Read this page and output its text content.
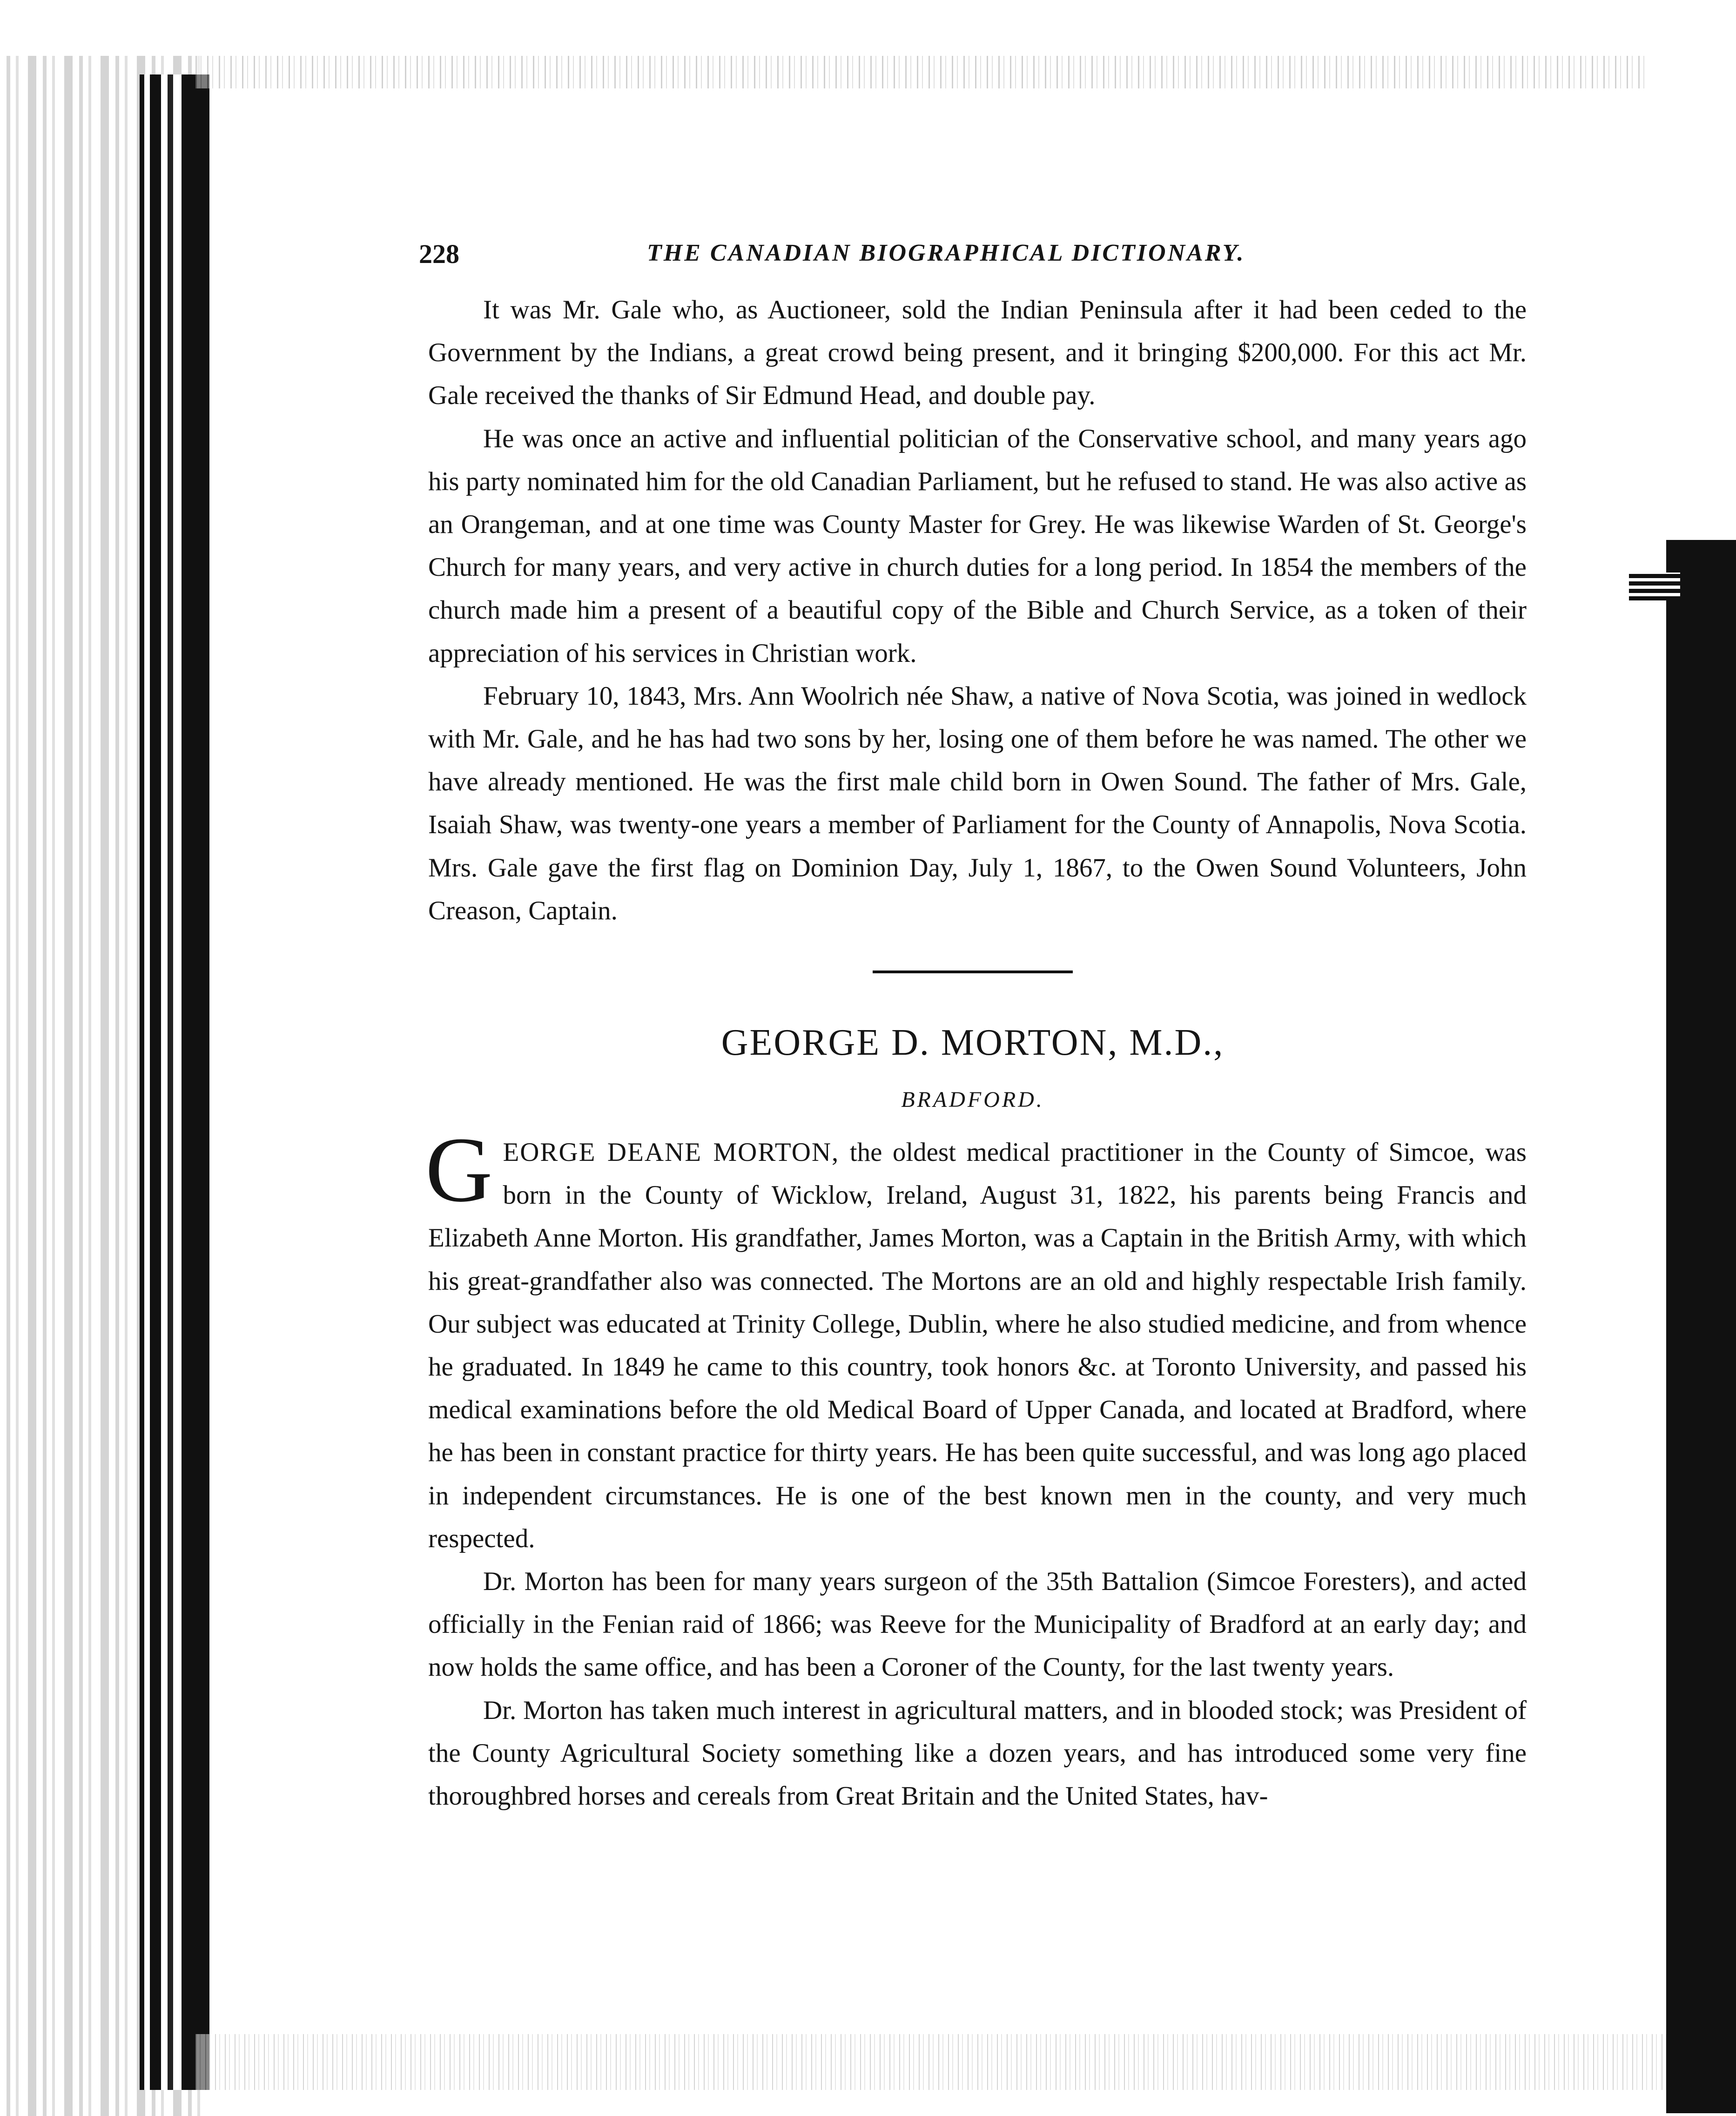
228	THE CANADIAN BIOGRAPHICAL DICTIONARY.

It was Mr. Gale who, as Auctioneer, sold the Indian Peninsula after it had been ceded to the Government by the Indians, a great crowd being present, and it bringing $200,000. For this act Mr. Gale received the thanks of Sir Edmund Head, and double pay.

He was once an active and influential politician of the Conservative school, and many years ago his party nominated him for the old Canadian Parliament, but he refused to stand. He was also active as an Orangeman, and at one time was County Master for Grey. He was likewise Warden of St. George's Church for many years, and very active in church duties for a long period. In 1854 the members of the church made him a present of a beautiful copy of the Bible and Church Service, as a token of their appreciation of his services in Christian work.

February 10, 1843, Mrs. Ann Woolrich née Shaw, a native of Nova Scotia, was joined in wedlock with Mr. Gale, and he has had two sons by her, losing one of them before he was named. The other we have already mentioned. He was the first male child born in Owen Sound. The father of Mrs. Gale, Isaiah Shaw, was twenty-one years a member of Parliament for the County of Annapolis, Nova Scotia. Mrs. Gale gave the first flag on Dominion Day, July 1, 1867, to the Owen Sound Volunteers, John Creason, Captain.

GEORGE D. MORTON, M.D.,
BRADFORD.

GEORGE DEANE MORTON, the oldest medical practitioner in the County of Simcoe, was born in the County of Wicklow, Ireland, August 31, 1822, his parents being Francis and Elizabeth Anne Morton. His grandfather, James Morton, was a Captain in the British Army, with which his great-grandfather also was connected. The Mortons are an old and highly respectable Irish family. Our subject was educated at Trinity College, Dublin, where he also studied medicine, and from whence he graduated. In 1849 he came to this country, took honors &c. at Toronto University, and passed his medical examinations before the old Medical Board of Upper Canada, and located at Bradford, where he has been in constant practice for thirty years. He has been quite successful, and was long ago placed in independent circumstances. He is one of the best known men in the county, and very much respected.

Dr. Morton has been for many years surgeon of the 35th Battalion (Simcoe Foresters), and acted officially in the Fenian raid of 1866; was Reeve for the Municipality of Bradford at an early day; and now holds the same office, and has been a Coroner of the County, for the last twenty years.

Dr. Morton has taken much interest in agricultural matters, and in blooded stock; was President of the County Agricultural Society something like a dozen years, and has introduced some very fine thoroughbred horses and cereals from Great Britain and the United States, hav-
